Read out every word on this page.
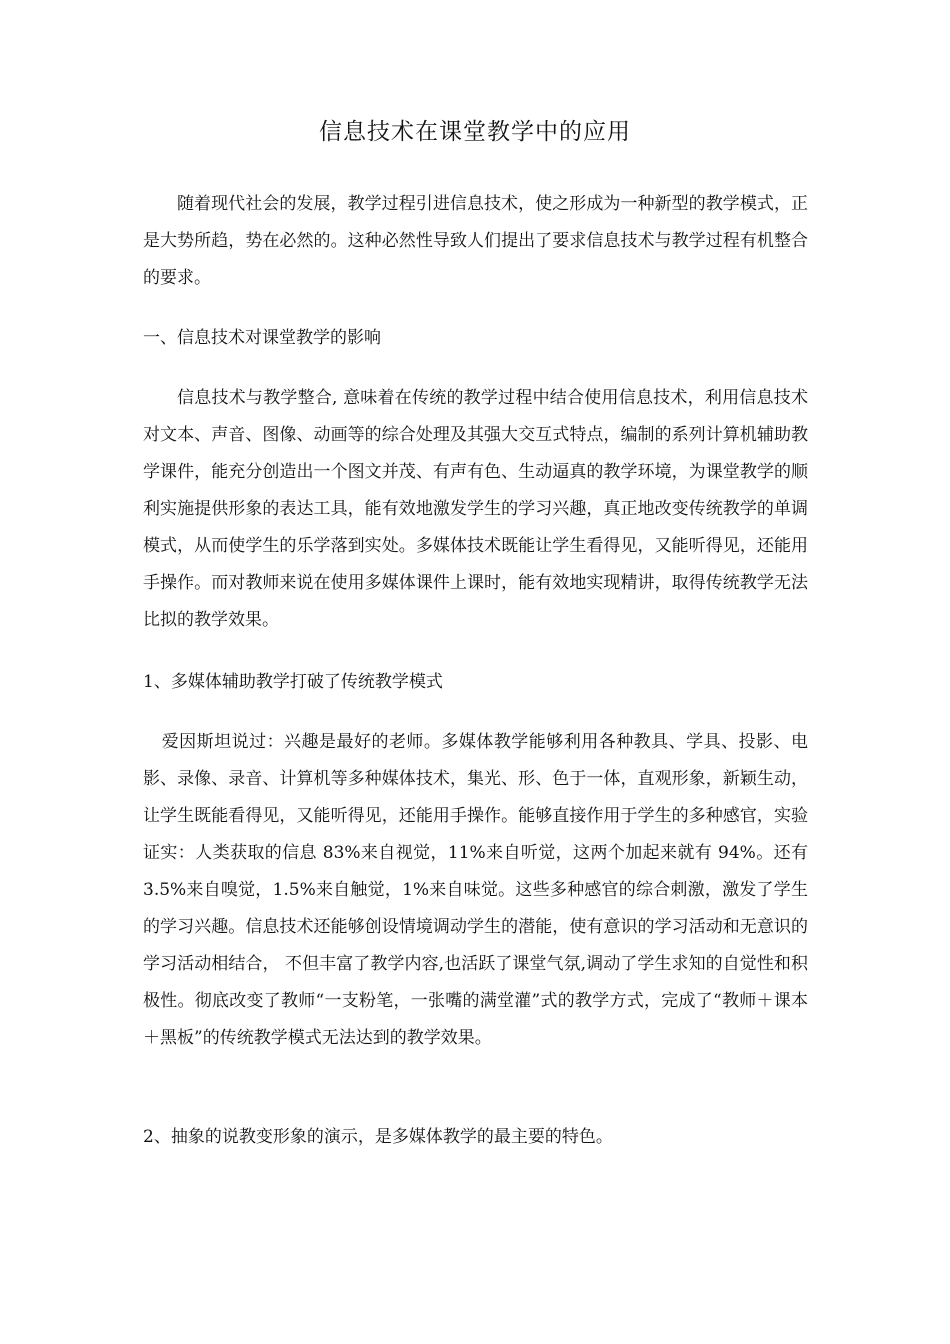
信息技术在课堂教学中的应用

随着现代社会的发展，教学过程引进信息技术，使之形成为一种新型的教学模式，正是大势所趋，势在必然的。这种必然性导致人们提出了要求信息技术与教学过程有机整合的要求。

一、信息技术对课堂教学的影响

信息技术与教学整合, 意味着在传统的教学过程中结合使用信息技术，利用信息技术对文本、声音、图像、动画等的综合处理及其强大交互式特点，编制的系列计算机辅助教学课件，能充分创造出一个图文并茂、有声有色、生动逼真的教学环境，为课堂教学的顺利实施提供形象的表达工具，能有效地激发学生的学习兴趣，真正地改变传统教学的单调模式，从而使学生的乐学落到实处。多媒体技术既能让学生看得见，又能听得见，还能用手操作。而对教师来说在使用多媒体课件上课时，能有效地实现精讲，取得传统教学无法比拟的教学效果。

1、多媒体辅助教学打破了传统教学模式

爱因斯坦说过：兴趣是最好的老师。多媒体教学能够利用各种教具、学具、投影、电影、录像、录音、计算机等多种媒体技术，集光、形、色于一体，直观形象，新颖生动，让学生既能看得见，又能听得见，还能用手操作。能够直接作用于学生的多种感官，实验证实：人类获取的信息 83%来自视觉，11%来自听觉，这两个加起来就有 94%。还有 3.5%来自嗅觉，1.5%来自触觉，1%来自味觉。这些多种感官的综合刺激，激发了学生的学习兴趣。信息技术还能够创设情境调动学生的潜能，使有意识的学习活动和无意识的学习活动相结合， 不但丰富了教学内容,也活跃了课堂气氛,调动了学生求知的自觉性和积极性。彻底改变了教师“一支粉笔，一张嘴的满堂灌”式的教学方式，完成了“教师＋课本＋黑板”的传统教学模式无法达到的教学效果。

2、抽象的说教变形象的演示，是多媒体教学的最主要的特色。
